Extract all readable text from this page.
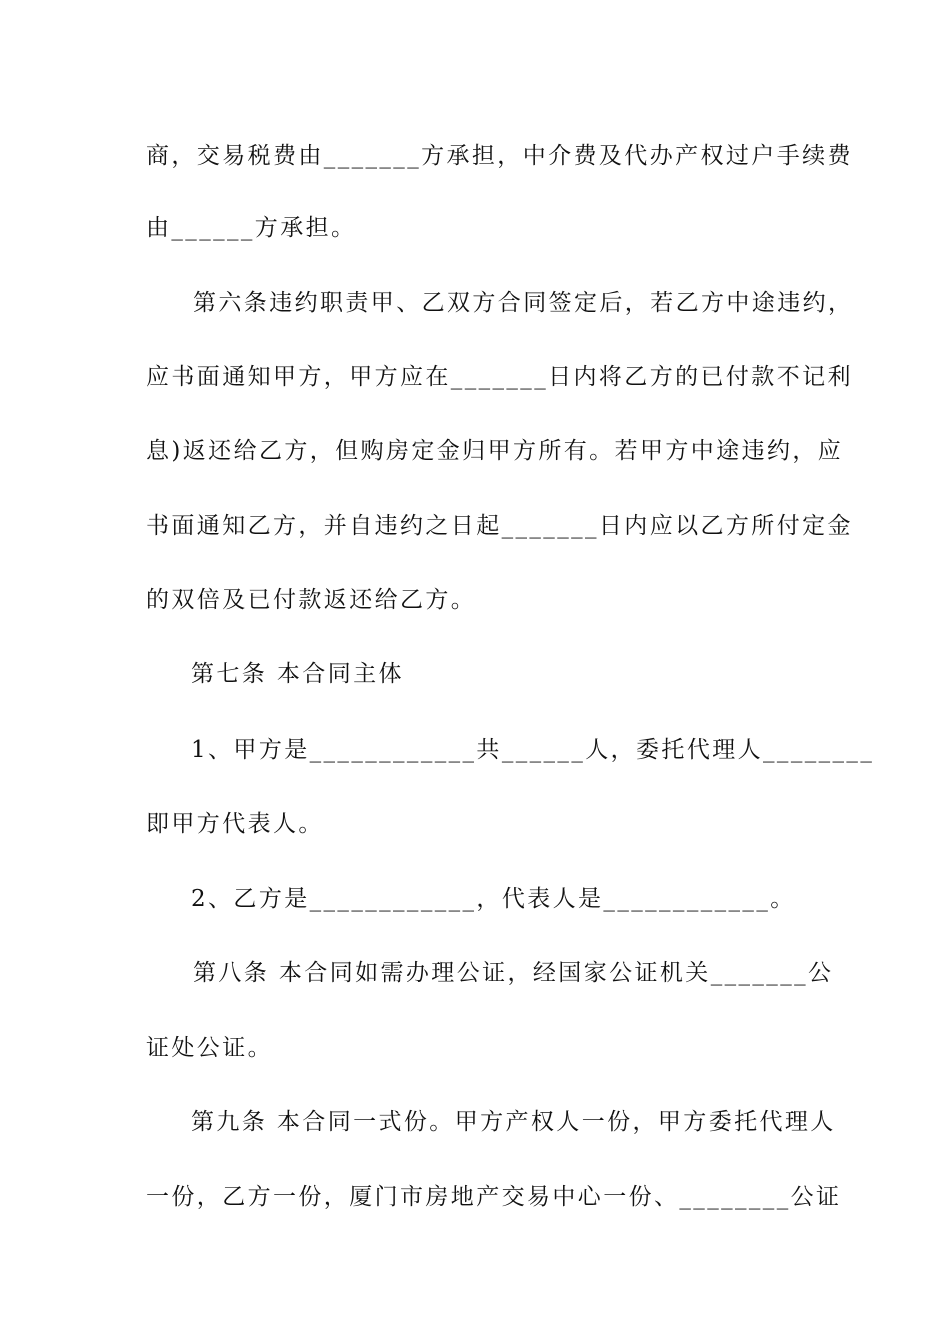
商，交易税费由_______方承担，中介费及代办产权过户手续费
由______方承担。
第六条违约职责甲、乙双方合同签定后，若乙方中途违约，
应书面通知甲方，甲方应在_______日内将乙方的已付款不记利
息)返还给乙方，但购房定金归甲方所有。若甲方中途违约，应
书面通知乙方，并自违约之日起_______日内应以乙方所付定金
的双倍及已付款返还给乙方。
第七条 本合同主体
1、甲方是____________共______人，委托代理人________
即甲方代表人。
2、乙方是____________，代表人是____________。
第八条 本合同如需办理公证，经国家公证机关_______公
证处公证。
第九条 本合同一式份。甲方产权人一份，甲方委托代理人
一份，乙方一份，厦门市房地产交易中心一份、________公证
